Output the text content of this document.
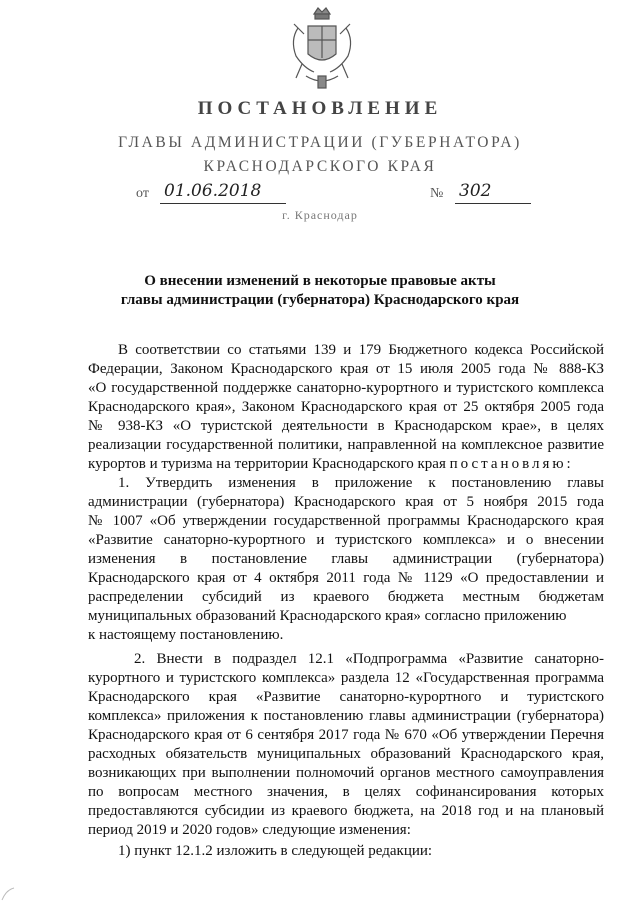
ПОСТАНОВЛЕНИЕ
ГЛАВЫ АДМИНИСТРАЦИИ (ГУБЕРНАТОРА)
КРАСНОДАРСКОГО КРАЯ
от 01.06.2018	№ 302
г. Краснодар
О внесении изменений в некоторые правовые акты
главы администрации (губернатора) Краснодарского края
В соответствии со статьями 139 и 179 Бюджетного кодекса Российской
Федерации, Законом Краснодарского края от 15 июля 2005 года № 888-КЗ
«О государственной поддержке санаторно-курортного и туристского комплекса
Краснодарского края», Законом Краснодарского края от 25 октября 2005 года
№ 938-КЗ «О туристской деятельности в Краснодарском крае», в целях
реализации государственной политики, направленной на комплексное развитие
курортов и туризма на территории Краснодарского края постановляю:
1. Утвердить изменения в приложение к постановлению главы
администрации (губернатора) Краснодарского края от 5 ноября 2015 года
№ 1007 «Об утверждении государственной программы Краснодарского края
«Развитие санаторно-курортного и туристского комплекса» и о внесении
изменения в постановление главы администрации (губернатора)
Краснодарского края от 4 октября 2011 года № 1129 «О предоставлении и
распределении субсидий из краевого бюджета местным бюджетам
муниципальных образований Краснодарского края» согласно приложению
к настоящему постановлению.
2. Внести в подраздел 12.1 «Подпрограмма «Развитие санаторно-
курортного и туристского комплекса» раздела 12 «Государственная программа
Краснодарского края «Развитие санаторно-курортного и туристского
комплекса» приложения к постановлению главы администрации (губернатора)
Краснодарского края от 6 сентября 2017 года № 670 «Об утверждении Перечня
расходных обязательств муниципальных образований Краснодарского края,
возникающих при выполнении полномочий органов местного самоуправления
по вопросам местного значения, в целях софинансирования которых
предоставляются субсидии из краевого бюджета, на 2018 год и на плановый
период 2019 и 2020 годов» следующие изменения:
1) пункт 12.1.2 изложить в следующей редакции:
